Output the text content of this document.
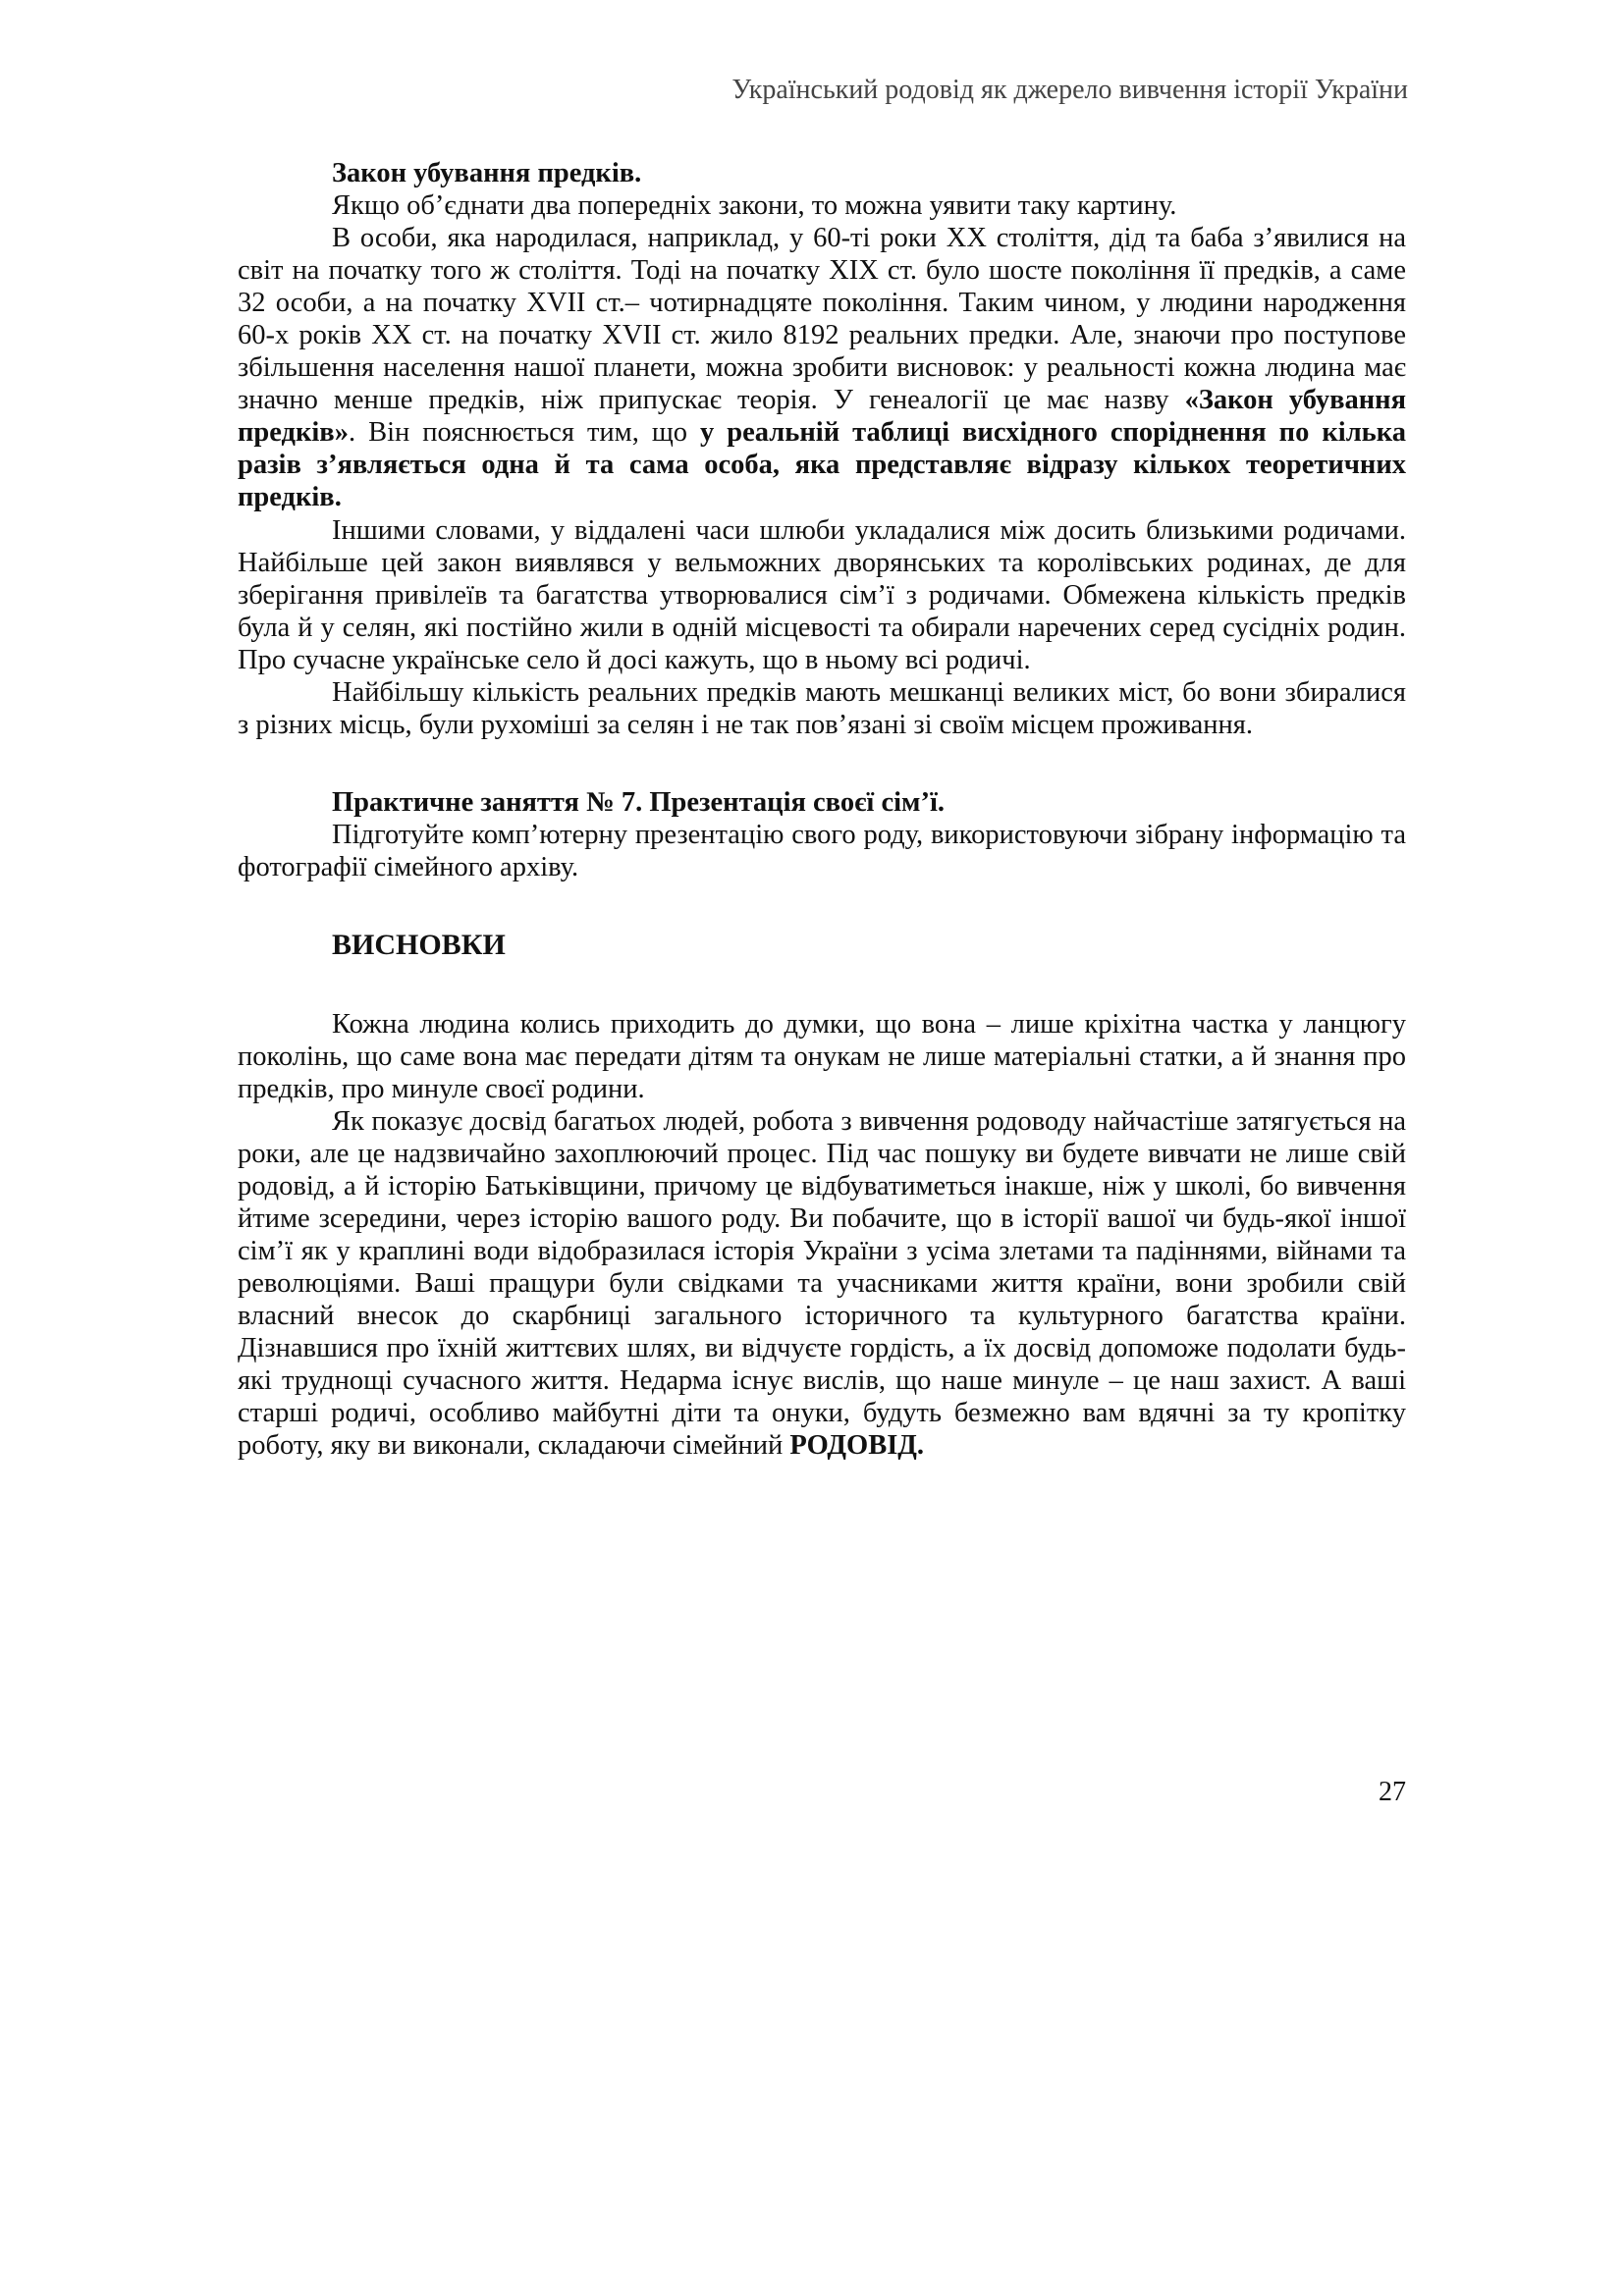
Український родовід як джерело вивчення історії України

Закон убування предків.

Якщо об’єднати два попередніх закони, то можна уявити таку картину.

В особи, яка народилася, наприклад, у 60-ті роки XX століття, дід та баба з’явилися на світ на початку того ж століття. Тоді на початку XIX ст. було шосте покоління її предків, а саме 32 особи, а на початку XVII ст.– чотирнадцяте покоління. Таким чином, у людини народження 60-х років XX ст. на початку XVII ст. жило 8192 реальних предки. Але, знаючи про поступове збільшення населення нашої планети, можна зробити висновок: у реальності кожна людина має значно менше предків, ніж припускає теорія. У генеалогії це має назву «Закон убування предків». Він пояснюється тим, що у реальній таблиці висхідного споріднення по кілька разів з’являється одна й та сама особа, яка представляє відразу кількох теоретичних предків.

Іншими словами, у віддалені часи шлюби укладалися між досить близькими родичами. Найбільше цей закон виявлявся у вельможних дворянських та королівських родинах, де для зберігання привілеїв та багатства утворювалися сім’ї з родичами. Обмежена кількість предків була й у селян, які постійно жили в одній місцевості та обирали наречених серед сусідніх родин. Про сучасне українське село й досі кажуть, що в ньому всі родичі.

Найбільшу кількість реальних предків мають мешканці великих міст, бо вони збиралися з різних місць, були рухоміші за селян і не так пов’язані зі своїм місцем проживання.

Практичне заняття № 7. Презентація своєї сім’ї.

Підготуйте комп’ютерну презентацію свого роду, використовуючи зібрану інформацію та фотографії сімейного архіву.

ВИСНОВКИ

Кожна людина колись приходить до думки, що вона – лише кріхітна частка у ланцюгу поколінь, що саме вона має передати дітям та онукам не лише матеріальні статки, а й знання про предків, про минуле своєї родини.

Як показує досвід багатьох людей, робота з вивчення родоводу найчастіше затягується на роки, але це надзвичайно захоплюючий процес. Під час пошуку ви будете вивчати не лише свій родовід, а й історію Батьківщини, причому це відбуватиметься інакше, ніж у школі, бо вивчення йтиме зсередини, через історію вашого роду. Ви побачите, що в історії вашої чи будь-якої іншої сім’ї як у краплині води відобразилася історія України з усіма злетами та падіннями, війнами та революціями. Ваші пращури були свідками та учасниками життя країни, вони зробили свій власний внесок до скарбниці загального історичного та культурного багатства країни. Дізнавшися про їхній життєвих шлях, ви відчуєте гордість, а їх досвід допоможе подолати будь-які труднощі сучасного життя. Недарма існує вислів, що наше минуле – це наш захист. А ваші старші родичі, особливо майбутні діти та онуки, будуть безмежно вам вдячні за ту кропітку роботу, яку ви виконали, складаючи сімейний РОДОВІД.

27
